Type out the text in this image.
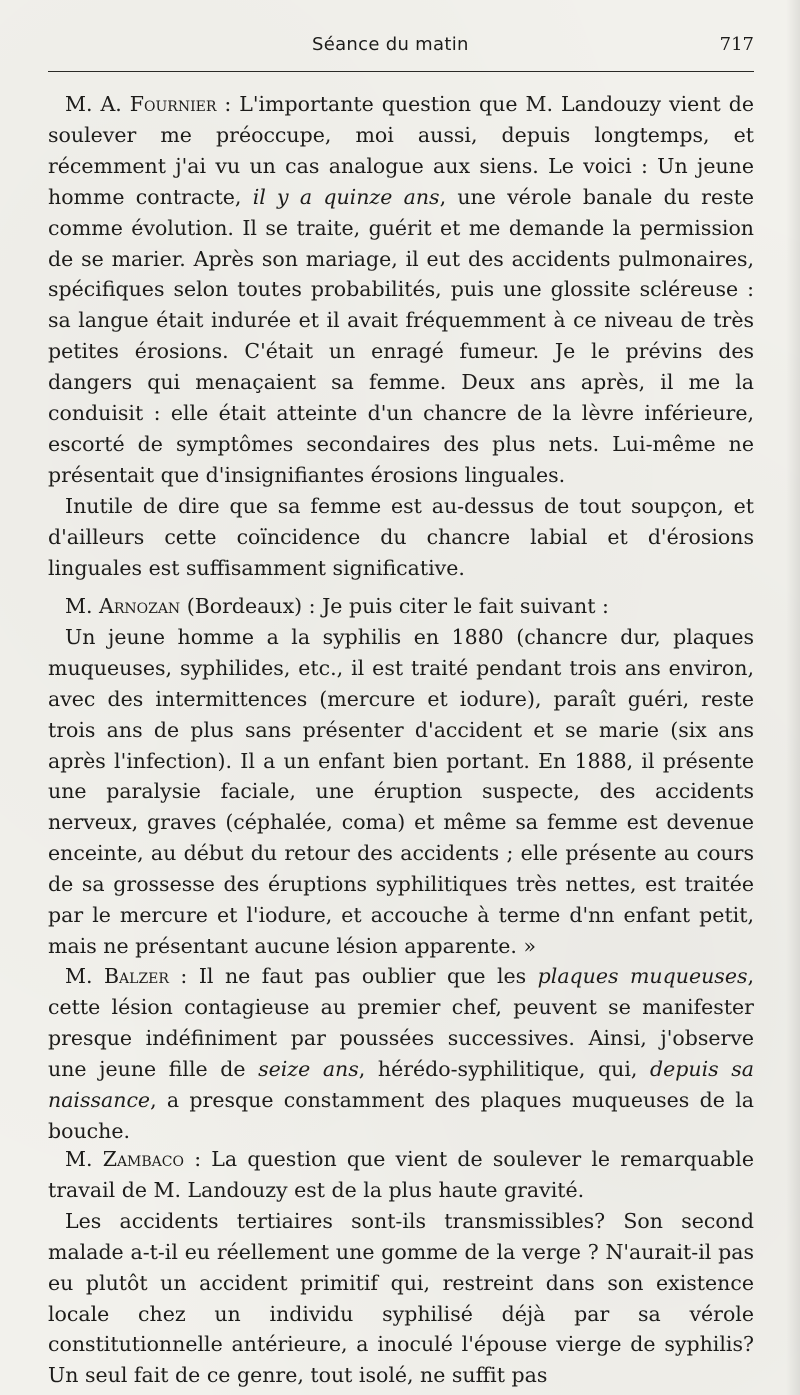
Séance du matin	717

M. A. Fournier : L'importante question que M. Landouzy vient de soulever me préoccupe, moi aussi, depuis longtemps, et récemment j'ai vu un cas analogue aux siens. Le voici : Un jeune homme contracte, il y a quinze ans, une vérole banale du reste comme évolution. Il se traite, guérit et me demande la permission de se marier. Après son mariage, il eut des accidents pulmonaires, spécifiques selon toutes probabilités, puis une glossite scléreuse : sa langue était indurée et il avait fréquemment à ce niveau de très petites érosions. C'était un enragé fumeur. Je le prévins des dangers qui menaçaient sa femme. Deux ans après, il me la conduisit : elle était atteinte d'un chancre de la lèvre inférieure, escorté de symptômes secondaires des plus nets. Lui-même ne présentait que d'insignifiantes érosions linguales.

Inutile de dire que sa femme est au-dessus de tout soupçon, et d'ailleurs cette coïncidence du chancre labial et d'érosions linguales est suffisamment significative.

M. Arnozan (Bordeaux) : Je puis citer le fait suivant :

Un jeune homme a la syphilis en 1880 (chancre dur, plaques muqueuses, syphilides, etc., il est traité pendant trois ans environ, avec des intermittences (mercure et iodure), paraît guéri, reste trois ans de plus sans présenter d'accident et se marie (six ans après l'infection). Il a un enfant bien portant. En 1888, il présente une paralysie faciale, une éruption suspecte, des accidents nerveux, graves (céphalée, coma) et même sa femme est devenue enceinte, au début du retour des accidents ; elle présente au cours de sa grossesse des éruptions syphilitiques très nettes, est traitée par le mercure et l'iodure, et accouche à terme d'nn enfant petit, mais ne présentant aucune lésion apparente. »

M. Balzer : Il ne faut pas oublier que les plaques muqueuses, cette lésion contagieuse au premier chef, peuvent se manifester presque indéfiniment par poussées successives. Ainsi, j'observe une jeune fille de seize ans, hérédo-syphilitique, qui, depuis sa naissance, a presque constamment des plaques muqueuses de la bouche.

M. Zambaco : La question que vient de soulever le remarquable travail de M. Landouzy est de la plus haute gravité.

Les accidents tertiaires sont-ils transmissibles? Son second malade a-t-il eu réellement une gomme de la verge ? N'aurait-il pas eu plutôt un accident primitif qui, restreint dans son existence locale chez un individu syphilisé déjà par sa vérole constitutionnelle antérieure, a inoculé l'épouse vierge de syphilis? Un seul fait de ce genre, tout isolé, ne suffit pas
